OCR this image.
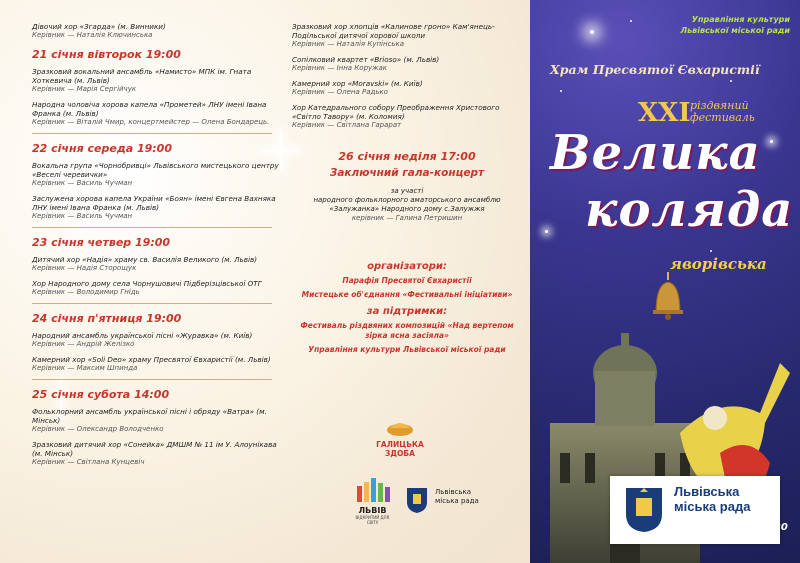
Дівочий хор «Згарда» (м. Винники)
Керівник — Наталія Ключинська
21 січня вівторок 19:00
Зразковий вокальний ансамбль «Намисто» МПК ім. Гната Хоткевича (м. Львів)
Керівник — Марія Сергійчук
Народна чоловіча хорова капела «Прометей» ЛНУ імені Івана Франка (м. Львів)
Керівник — Віталій Чмир, концертмейстер — Олена Бондарець.
22 січня середа 19:00
Вокальна група «Чорнобривці» Львівського мистецького центру «Веселі черевички»
Керівник — Василь Чучман
Заслужена хорова капела України «Боян» імені Євгена Вахняка ЛНУ імені Івана Франка (м. Львів)
Керівник — Василь Чучман
23 січня четвер 19:00
Дитячий хор «Надія» храму св. Василія Великого (м. Львів)
Керівник — Надія Сторощук
Хор Народного дому села Чорнушовичі Підберізцівської ОТГ
Керівник — Володимир Гнідь
24 січня п'ятниця 19:00
Народний ансамбль української пісні «Журавка» (м. Київ)
Керівник — Андрій Желізко
Камерний хор «Soli Deo» храму Пресвятої Євхаристії (м. Львів)
Керівник — Максим Шпинда
25 січня субота 14:00
Фольклорний ансамбль української пісні і обряду «Ватра» (м. Мінськ)
Керівник — Олександр Володченко
Зразковий дитячий хор «Сонейка» ДМШМ № 11 ім У. Алоунікава (м. Мінськ)
Керівник — Світлана Кунцевіч
Зразковий хор хлопців «Калинове гроно» Кам'янець-Подільської дитячої хорової школи
Керівник — Наталія Купінська
Сопілковий квартет «Brioso» (м. Львів)
Керівник — Інна Коружак
Камерний хор «Moravski» (м. Київ)
Керівник — Олена Радько
Хор Катедрального собору Преображення Христового «Світло Тавору» (м. Коломия)
Керівник — Світлана Гарарат
26 січня неділя 17:00
Заключний гала-концерт
за участі
народного фольклорного аматорського ансамблю «Залужанка» Народного дому с.Залужжя
керівник — Галина Петришин
організатори:
Парафія Пресвятої Євхаристії
Мистецьке об'єднання «Фестивальні ініціативи»
за підтримки:
Фестиваль різдвяних композицій «Над вертепом зірка ясна засіяла»
Управління культури Львівської міської ради
ГАЛИЦЬКА ЗДОБА
ЛЬВІВ
ВІДКРИТИЙ ДЛЯ СВІТУ
Львівська міська рада
Управління культури Львівської міської ради
Храм Пресвятої Євхаристії
XXI різдвяний фестиваль
Велика
коляда
яворівська
Львівська міська рада
2020
